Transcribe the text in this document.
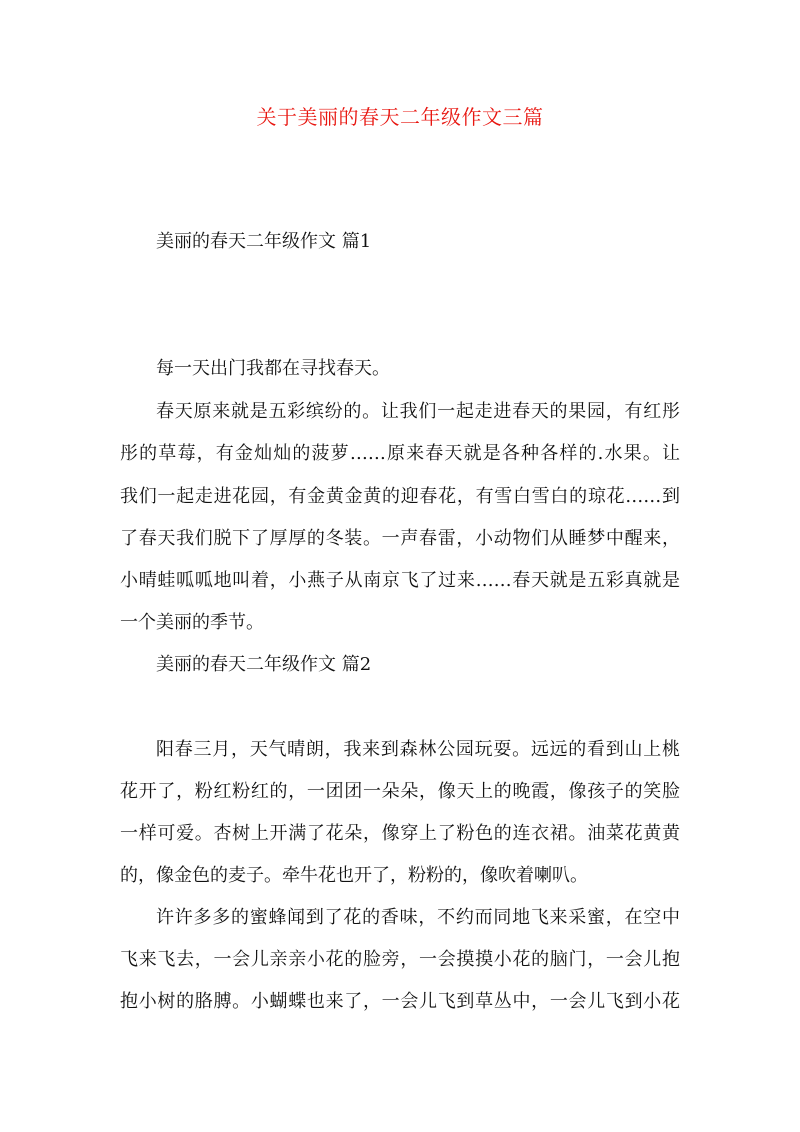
关于美丽的春天二年级作文三篇
美丽的春天二年级作文 篇1
每一天出门我都在寻找春天。
春天原来就是五彩缤纷的。让我们一起走进春天的果园，有红彤
彤的草莓，有金灿灿的菠萝……原来春天就是各种各样的.水果。让
我们一起走进花园，有金黄金黄的迎春花，有雪白雪白的琼花……到
了春天我们脱下了厚厚的冬装。一声春雷，小动物们从睡梦中醒来，
小晴蛙呱呱地叫着，小燕子从南京飞了过来……春天就是五彩真就是
一个美丽的季节。
美丽的春天二年级作文 篇2
阳春三月，天气晴朗，我来到森林公园玩耍。远远的看到山上桃
花开了，粉红粉红的，一团团一朵朵，像天上的晚霞，像孩子的笑脸
一样可爱。杏树上开满了花朵，像穿上了粉色的连衣裙。油菜花黄黄
的，像金色的麦子。牵牛花也开了，粉粉的，像吹着喇叭。
许许多多的蜜蜂闻到了花的香味，不约而同地飞来采蜜，在空中
飞来飞去，一会儿亲亲小花的脸旁，一会摸摸小花的脑门，一会儿抱
抱小树的胳膊。小蝴蝶也来了，一会儿飞到草丛中，一会儿飞到小花
